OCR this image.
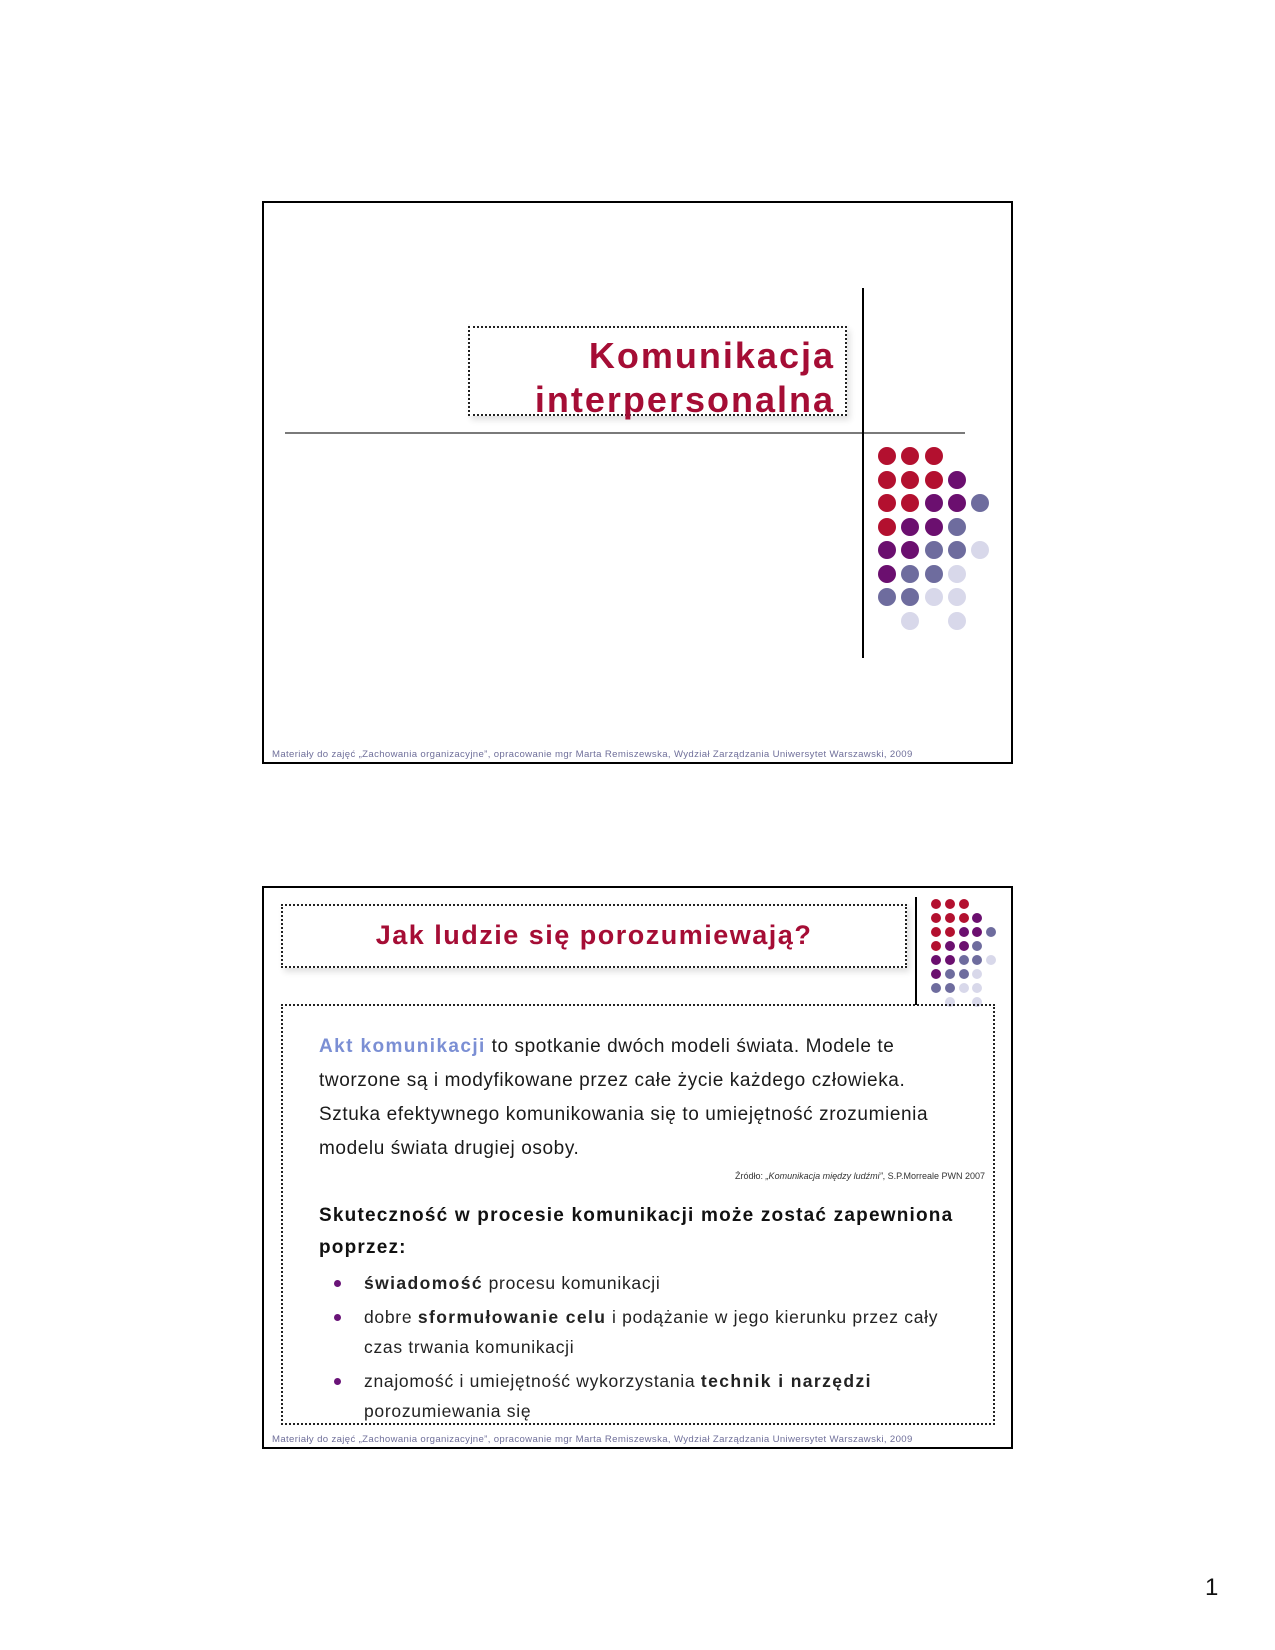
Komunikacja
interpersonalna
Materiały do zajęć „Zachowania organizacyjne”, opracowanie mgr Marta Remiszewska, Wydział Zarządzania Uniwersytet Warszawski, 2009
Jak ludzie się porozumiewają?
Akt komunikacji to spotkanie dwóch modeli świata. Modele te tworzone są i modyfikowane przez całe życie każdego człowieka. Sztuka efektywnego komunikowania się to umiejętność zrozumienia modelu świata drugiej osoby.
Źródło: „Komunikacja między ludźmi”, S.P.Morreale PWN 2007
Skuteczność w procesie komunikacji może zostać zapewniona poprzez:
świadomość procesu komunikacji
dobre sformułowanie celu i podążanie w jego kierunku przez cały czas trwania komunikacji
znajomość i umiejętność wykorzystania technik i narzędzi porozumiewania się
Materiały do zajęć „Zachowania organizacyjne”, opracowanie mgr Marta Remiszewska, Wydział Zarządzania Uniwersytet Warszawski, 2009
1
